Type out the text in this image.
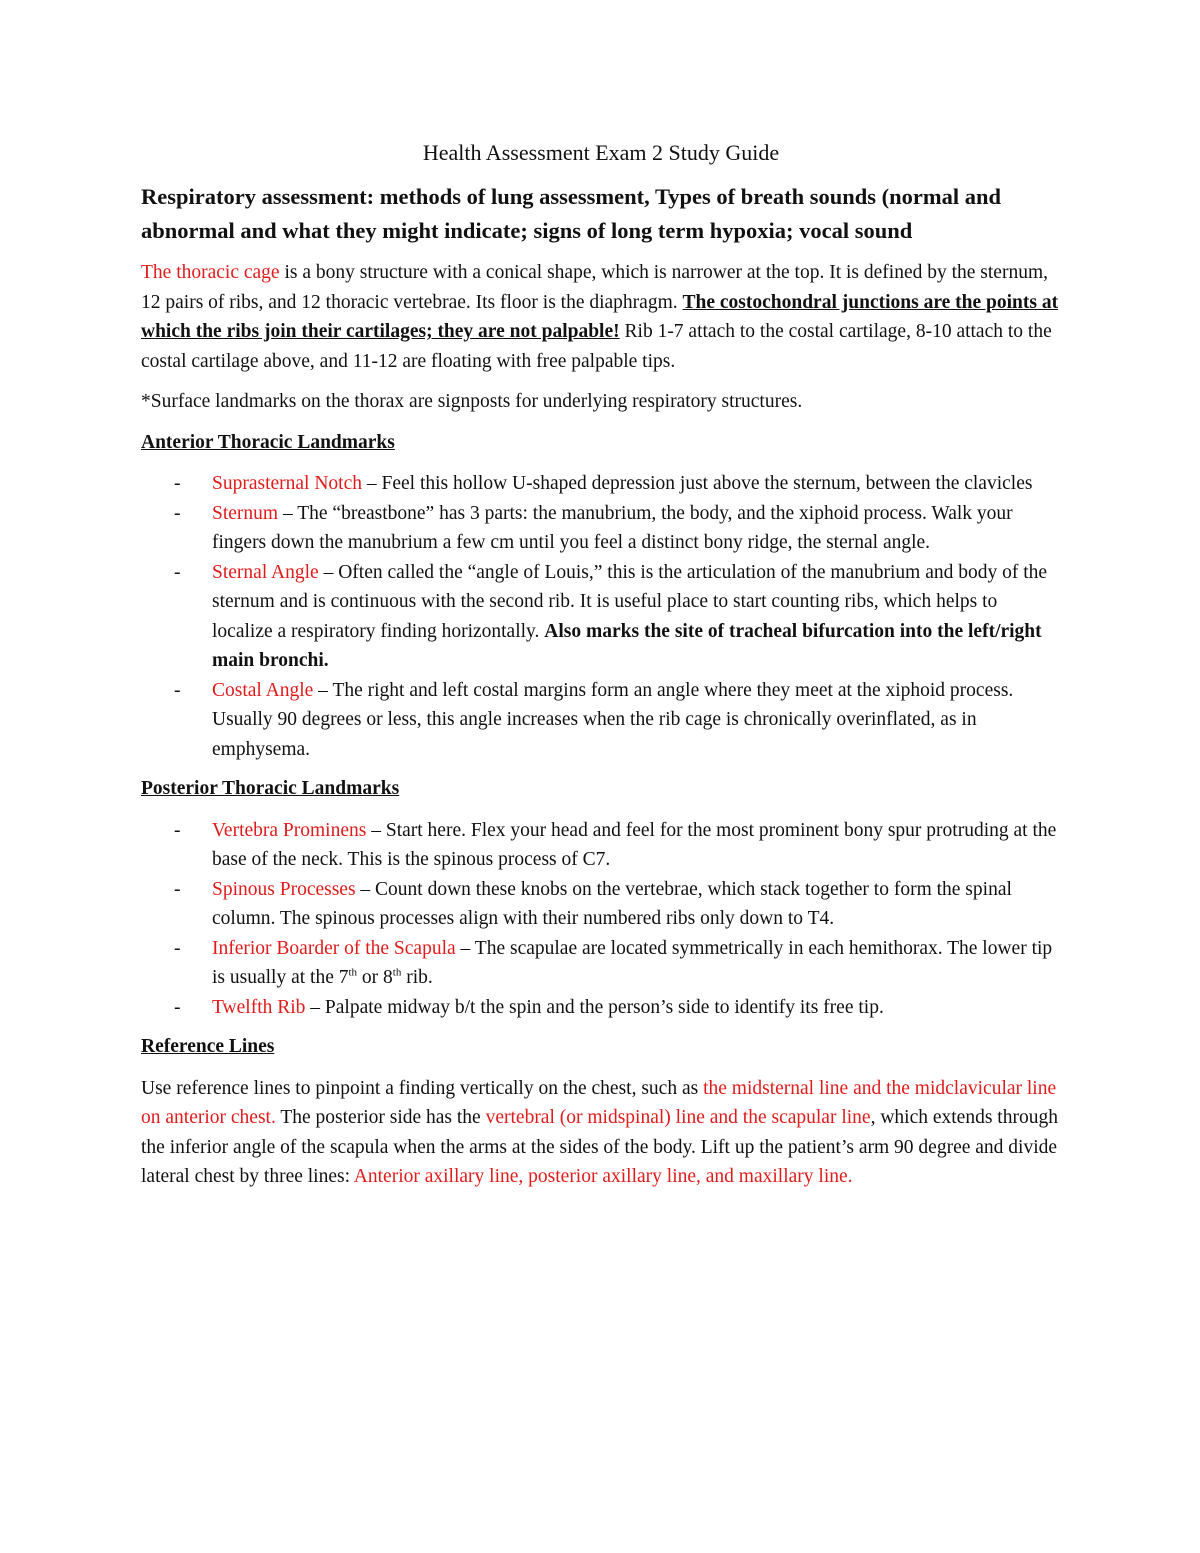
Health Assessment Exam 2 Study Guide
Respiratory assessment: methods of lung assessment, Types of breath sounds (normal and abnormal and what they might indicate; signs of long term hypoxia; vocal sound

The thoracic cage is a bony structure with a conical shape, which is narrower at the top. It is defined by the sternum, 12 pairs of ribs, and 12 thoracic vertebrae. Its floor is the diaphragm. The costochondral junctions are the points at which the ribs join their cartilages; they are not palpable! Rib 1-7 attach to the costal cartilage, 8-10 attach to the costal cartilage above, and 11-12 are floating with free palpable tips.

*Surface landmarks on the thorax are signposts for underlying respiratory structures.

Anterior Thoracic Landmarks
- Suprasternal Notch – Feel this hollow U-shaped depression just above the sternum, between the clavicles
- Sternum – The “breastbone” has 3 parts: the manubrium, the body, and the xiphoid process. Walk your fingers down the manubrium a few cm until you feel a distinct bony ridge, the sternal angle.
- Sternal Angle – Often called the “angle of Louis,” this is the articulation of the manubrium and body of the sternum and is continuous with the second rib. It is useful place to start counting ribs, which helps to localize a respiratory finding horizontally. Also marks the site of tracheal bifurcation into the left/right main bronchi.
- Costal Angle – The right and left costal margins form an angle where they meet at the xiphoid process. Usually 90 degrees or less, this angle increases when the rib cage is chronically overinflated, as in emphysema.
Posterior Thoracic Landmarks
- Vertebra Prominens – Start here. Flex your head and feel for the most prominent bony spur protruding at the base of the neck. This is the spinous process of C7.
- Spinous Processes – Count down these knobs on the vertebrae, which stack together to form the spinal column. The spinous processes align with their numbered ribs only down to T4.
- Inferior Boarder of the Scapula – The scapulae are located symmetrically in each hemithorax. The lower tip is usually at the 7th or 8th rib.
- Twelfth Rib – Palpate midway b/t the spin and the person’s side to identify its free tip.
Reference Lines

Use reference lines to pinpoint a finding vertically on the chest, such as the midsternal line and the midclavicular line on anterior chest. The posterior side has the vertebral (or midspinal) line and the scapular line, which extends through the inferior angle of the scapula when the arms at the sides of the body. Lift up the patient’s arm 90 degree and divide lateral chest by three lines: Anterior axillary line, posterior axillary line, and maxillary line.
